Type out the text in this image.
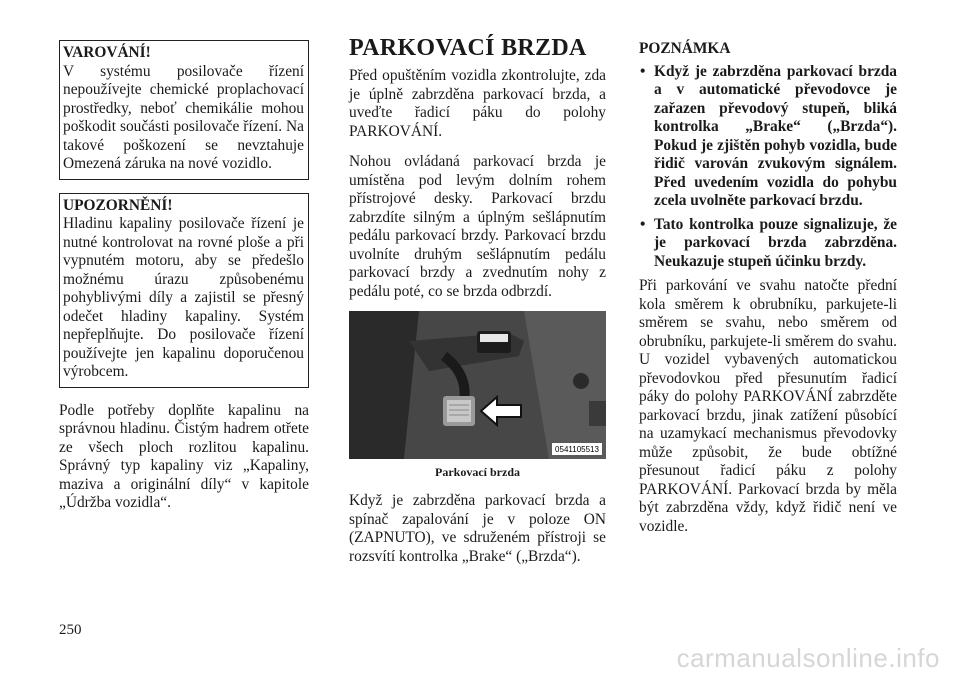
VAROVÁNÍ!
V systému posilovače řízení nepoužívejte chemické proplachovací prostředky, neboť chemikálie mohou poškodit součásti posilovače řízení. Na takové poškození se nevztahuje Omezená záruka na nové vozidlo.
UPOZORNĚNÍ!
Hladinu kapaliny posilovače řízení je nutné kontrolovat na rovné ploše a při vypnutém motoru, aby se předešlo možnému úrazu způsobenému pohyblivými díly a zajistil se přesný odečet hladiny kapaliny. Systém nepřeplňujte. Do posilovače řízení používejte jen kapalinu doporučenou výrobcem.

Podle potřeby doplňte kapalinu na správnou hladinu. Čistým hadrem otřete ze všech ploch rozlitou kapalinu. Správný typ kapaliny viz „Kapaliny, maziva a originální díly“ v kapitole „Údržba vozidla“.

PARKOVACÍ BRZDA

Před opuštěním vozidla zkontrolujte, zda je úplně zabrzděna parkovací brzda, a uveďte řadicí páku do polohy PARKOVÁNÍ.

Nohou ovládaná parkovací brzda je umístěna pod levým dolním rohem přístrojové desky. Parkovací brzdu zabrzdíte silným a úplným sešlápnutím pedálu parkovací brzdy. Parkovací brzdu uvolníte druhým sešlápnutím pedálu parkovací brzdy a zvednutím nohy z pedálu poté, co se brzda odbrzdí.

0541105513
Parkovací brzda

Když je zabrzděna parkovací brzda a spínač zapalování je v poloze ON (ZAPNUTO), ve sdruženém přístroji se rozsvítí kontrolka „Brake“ („Brzda“).

POZNÁMKA
• Když je zabrzděna parkovací brzda a v automatické převodovce je zařazen převodový stupeň, bliká kontrolka „Brake“ („Brzda“). Pokud je zjištěn pohyb vozidla, bude řidič varován zvukovým signálem. Před uvedením vozidla do pohybu zcela uvolněte parkovací brzdu.
• Tato kontrolka pouze signalizuje, že je parkovací brzda zabrzděna. Neukazuje stupeň účinku brzdy.

Při parkování ve svahu natočte přední kola směrem k obrubníku, parkujete-li směrem se svahu, nebo směrem od obrubníku, parkujete-li směrem do svahu. U vozidel vybavených automatickou převodovkou před přesunutím řadicí páky do polohy PARKOVÁNÍ zabrzděte parkovací brzdu, jinak zatížení působící na uzamykací mechanismus převodovky může způsobit, že bude obtížné přesunout řadicí páku z polohy PARKOVÁNÍ. Parkovací brzda by měla být zabrzděna vždy, když řidič není ve vozidle.

250
carmanualsonline.info
